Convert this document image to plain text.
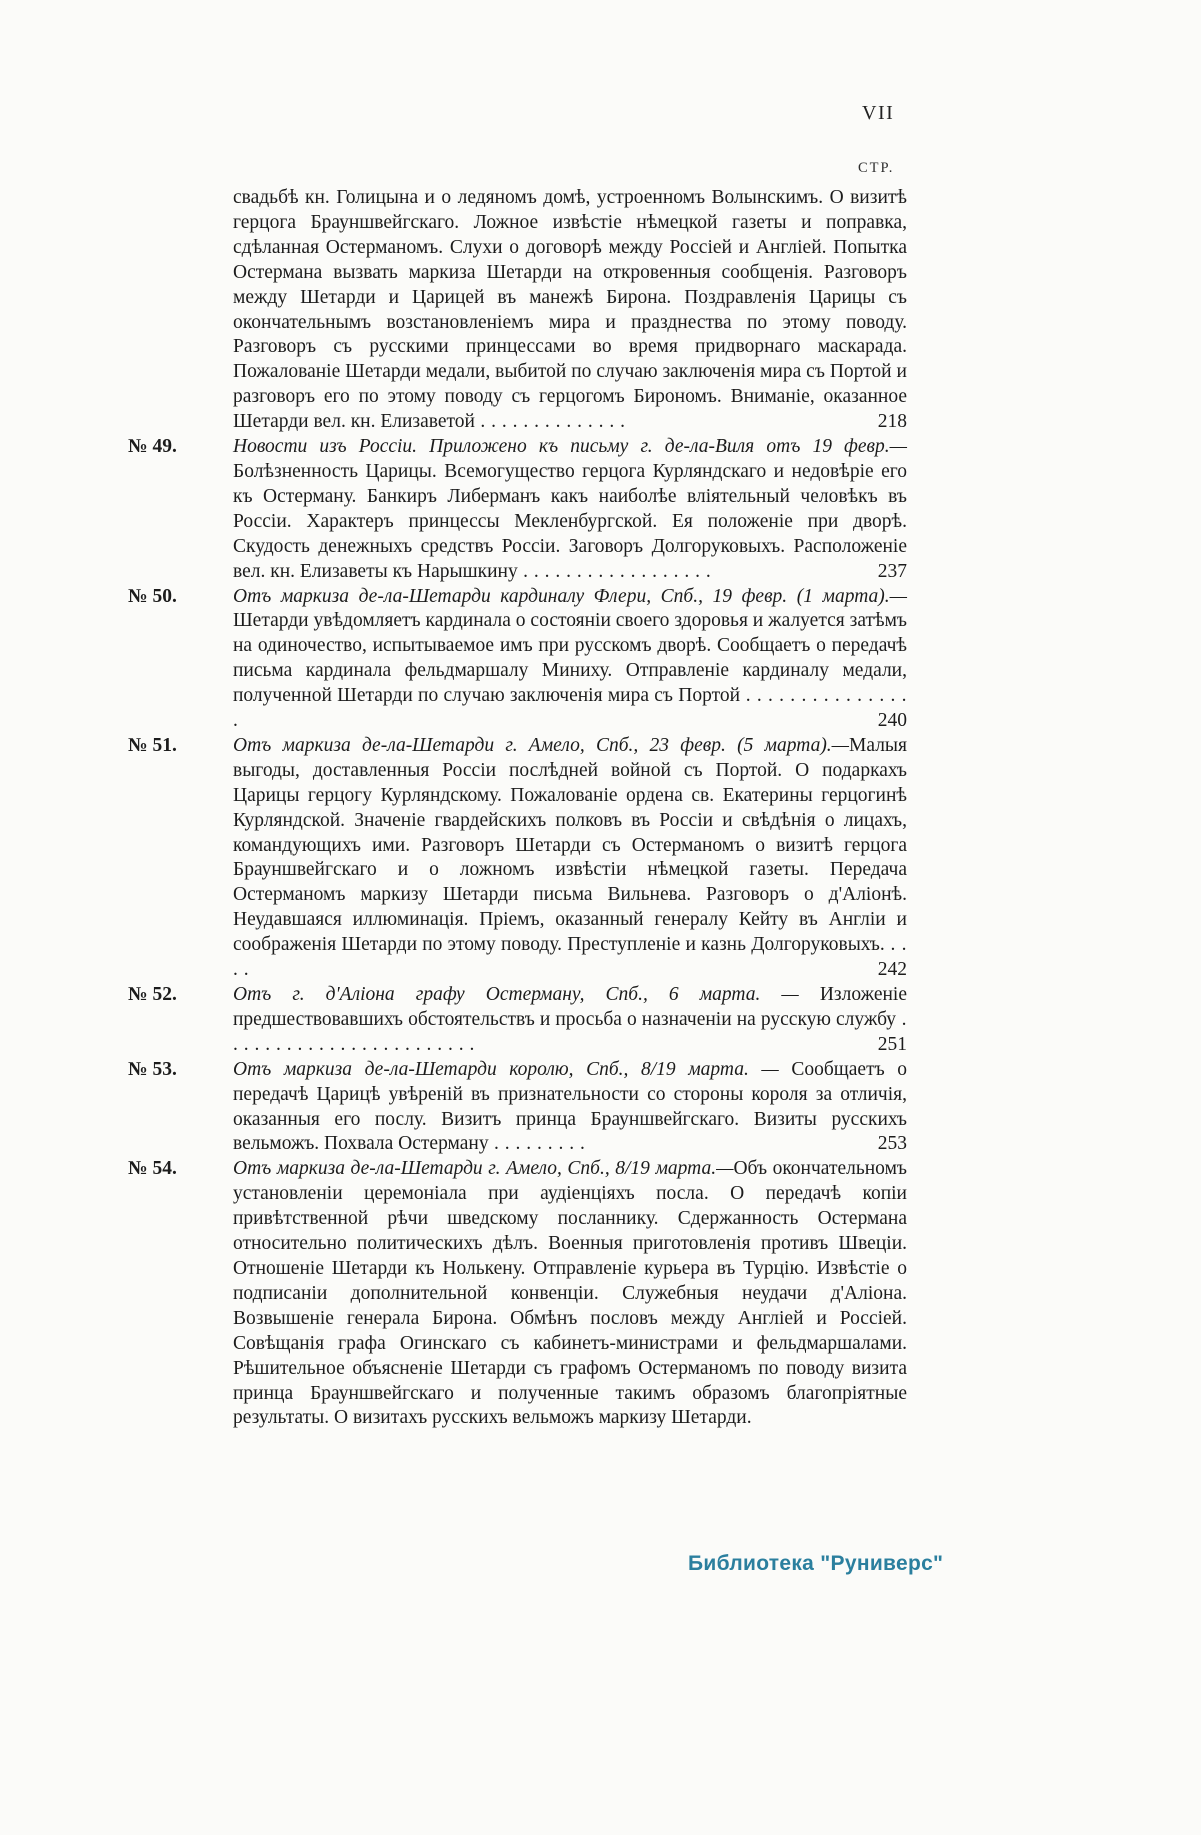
VII
СТР.
свадьбѣ кн. Голицына и о ледяномъ домѣ, устроенномъ Волынскимъ. О визитѣ герцога Брауншвейгскаго. Ложное извѣстіе нѣмецкой газеты и поправка, сдѣланная Остерманомъ. Слухи о договорѣ между Россіей и Англіей. Попытка Остермана вызвать маркиза Шетарди на откровенныя сообщенія. Разговоръ между Шетарди и Царицей въ манежѣ Бирона. Поздравленія Царицы съ окончательнымъ возстановленіемъ мира и празднества по этому поводу. Разговоръ съ русскими принцессами во время придворнаго маскарада. Пожалованіе Шетарди медали, выбитой по случаю заключенія мира съ Портой и разговоръ его по этому поводу съ герцогомъ Бирономъ. Вниманіе, оказанное Шетарди вел. кн. Елизаветой . . . . . . . . . . . . . .	218
№ 49.	Новости изъ Россіи. Приложено къ письму г. де-ла-Виля отъ 19 февр.—Болѣзненность Царицы. Всемогущество герцога Курляндскаго и недовѣріе его къ Остерману. Банкиръ Либерманъ какъ наиболѣе вліятельный человѣкъ въ Россіи. Характеръ принцессы Мекленбургской. Ея положеніе при дворѣ. Скудость денежныхъ средствъ Россіи. Заговоръ Долгоруковыхъ. Расположеніе вел. кн. Елизаветы къ Нарышкину . . . . . . . . . . . . . . . . . .	237
№ 50.	Отъ маркиза де-ла-Шетарди кардиналу Флери, Спб., 19 февр. (1 марта).—Шетарди увѣдомляетъ кардинала о состояніи своего здоровья и жалуется затѣмъ на одиночество, испытываемое имъ при русскомъ дворѣ. Сообщаетъ о передачѣ письма кардинала фельдмаршалу Миниху. Отправленіе кардиналу медали, полученной Шетарди по случаю заключенія мира съ Портой . . . . . . . . . . . . . . . .	240
№ 51.	Отъ маркиза де-ла-Шетарди г. Амело, Спб., 23 февр. (5 марта).—Малыя выгоды, доставленныя Россіи послѣдней войной съ Портой. О подаркахъ Царицы герцогу Курляндскому. Пожалованіе ордена св. Екатерины герцогинѣ Курляндской. Значеніе гвардейскихъ полковъ въ Россіи и свѣдѣнія о лицахъ, командующихъ ими. Разговоръ Шетарди съ Остерманомъ о визитѣ герцога Брауншвейгскаго и о ложномъ извѣстіи нѣмецкой газеты. Передача Остерманомъ маркизу Шетарди письма Вильнева. Разговоръ о д'Аліонѣ. Неудавшаяся иллюминація. Пріемъ, оказанный генералу Кейту въ Англіи и соображенія Шетарди по этому поводу. Преступленіе и казнь Долгоруковыхъ. . . . .	242
№ 52.	Отъ г. д'Аліона графу Остерману, Спб., 6 марта. — Изложеніе предшествовавшихъ обстоятельствъ и просьба о назначеніи на русскую службу . . . . . . . . . . . . . . . . . . . . . . . .	251
№ 53.	Отъ маркиза де-ла-Шетарди королю, Спб., 8/19 марта. — Сообщаетъ о передачѣ Царицѣ увѣреній въ признательности со стороны короля за отличія, оказанныя его послу. Визитъ принца Брауншвейгскаго. Визиты русскихъ вельможъ. Похвала Остерману . . . . . . . . .	253
№ 54.	Отъ маркиза де-ла-Шетарди г. Амело, Спб., 8/19 марта.—Объ окончательномъ установленіи церемоніала при аудіенціяхъ посла. О передачѣ копіи привѣтственной рѣчи шведскому посланнику. Сдержанность Остермана относительно политическихъ дѣлъ. Военныя приготовленія противъ Швеціи. Отношеніе Шетарди къ Нолькену. Отправленіе курьера въ Турцію. Извѣстіе о подписаніи дополнительной конвенціи. Служебныя неудачи д'Аліона. Возвышеніе генерала Бирона. Обмѣнъ пословъ между Англіей и Россіей. Совѣщанія графа Огинскаго съ кабинетъ-министрами и фельдмаршалами. Рѣшительное объясненіе Шетарди съ графомъ Остерманомъ по поводу визита принца Брауншвейгскаго и полученные такимъ образомъ благопріятные результаты. О визитахъ русскихъ вельможъ маркизу Шетарди.
Библиотека "Руниверс"
